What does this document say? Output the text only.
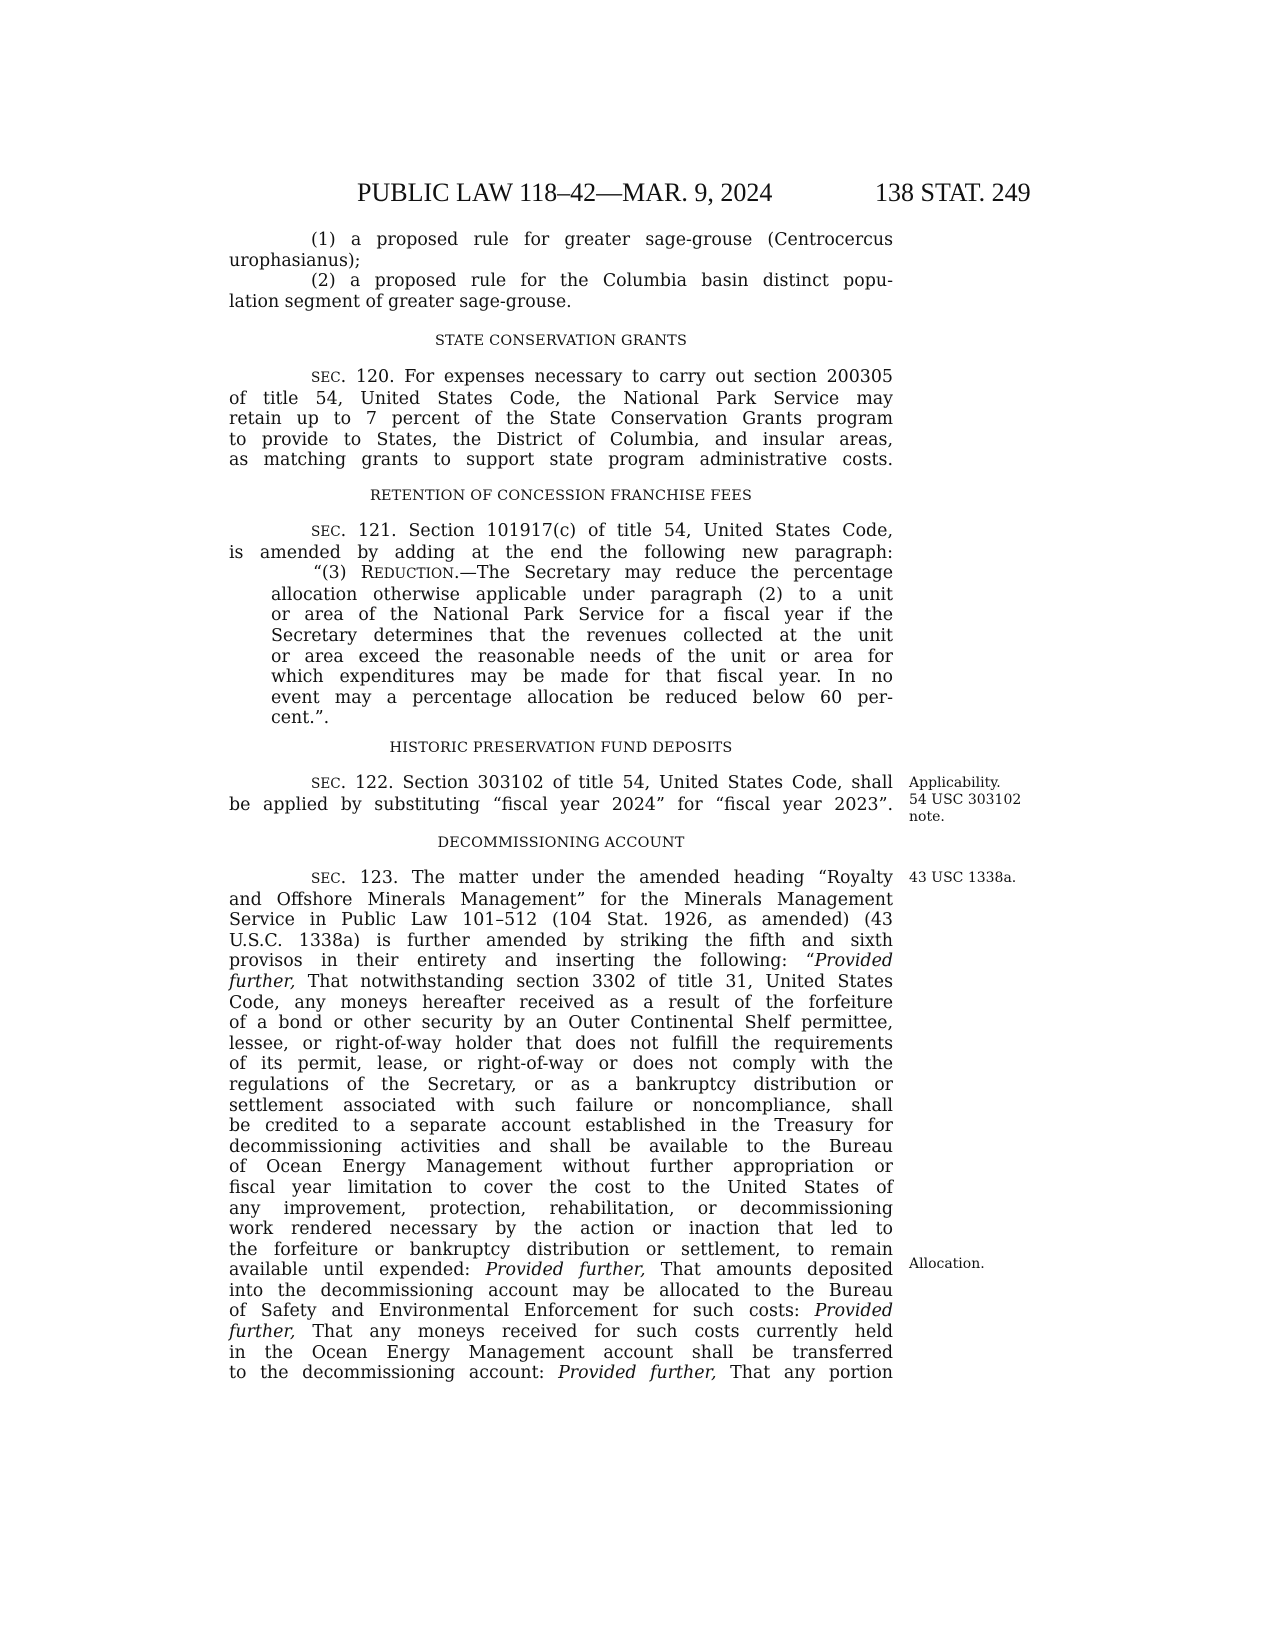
PUBLIC LAW 118–42—MAR. 9, 2024	138 STAT. 249

(1) a proposed rule for greater sage-grouse (Centrocercus

urophasianus);

(2) a proposed rule for the Columbia basin distinct popu-

lation segment of greater sage-grouse.

STATE CONSERVATION GRANTS

SEC. 120. For expenses necessary to carry out section 200305

of title 54, United States Code, the National Park Service may

retain up to 7 percent of the State Conservation Grants program

to provide to States, the District of Columbia, and insular areas,

as matching grants to support state program administrative costs.

RETENTION OF CONCESSION FRANCHISE FEES

SEC. 121. Section 101917(c) of title 54, United States Code,

is amended by adding at the end the following new paragraph:

“(3) REDUCTION.—The Secretary may reduce the percentage

allocation otherwise applicable under paragraph (2) to a unit

or area of the National Park Service for a fiscal year if the

Secretary determines that the revenues collected at the unit

or area exceed the reasonable needs of the unit or area for

which expenditures may be made for that fiscal year. In no

event may a percentage allocation be reduced below 60 per-

cent.”.

HISTORIC PRESERVATION FUND DEPOSITS

SEC. 122. Section 303102 of title 54, United States Code, shall

be applied by substituting “fiscal year 2024” for “fiscal year 2023”.

Applicability.
54 USC 303102
note.

DECOMMISSIONING ACCOUNT

SEC. 123. The matter under the amended heading “Royalty

and Offshore Minerals Management” for the Minerals Management

Service in Public Law 101–512 (104 Stat. 1926, as amended) (43

U.S.C. 1338a) is further amended by striking the fifth and sixth

provisos in their entirety and inserting the following: “Provided

further, That notwithstanding section 3302 of title 31, United States

Code, any moneys hereafter received as a result of the forfeiture

of a bond or other security by an Outer Continental Shelf permittee,

lessee, or right-of-way holder that does not fulfill the requirements

of its permit, lease, or right-of-way or does not comply with the

regulations of the Secretary, or as a bankruptcy distribution or

settlement associated with such failure or noncompliance, shall

be credited to a separate account established in the Treasury for

decommissioning activities and shall be available to the Bureau

of Ocean Energy Management without further appropriation or

fiscal year limitation to cover the cost to the United States of

any improvement, protection, rehabilitation, or decommissioning

work rendered necessary by the action or inaction that led to

the forfeiture or bankruptcy distribution or settlement, to remain

available until expended: Provided further, That amounts deposited

into the decommissioning account may be allocated to the Bureau

of Safety and Environmental Enforcement for such costs: Provided

further, That any moneys received for such costs currently held

in the Ocean Energy Management account shall be transferred

to the decommissioning account: Provided further, That any portion

43 USC 1338a.
Allocation.
